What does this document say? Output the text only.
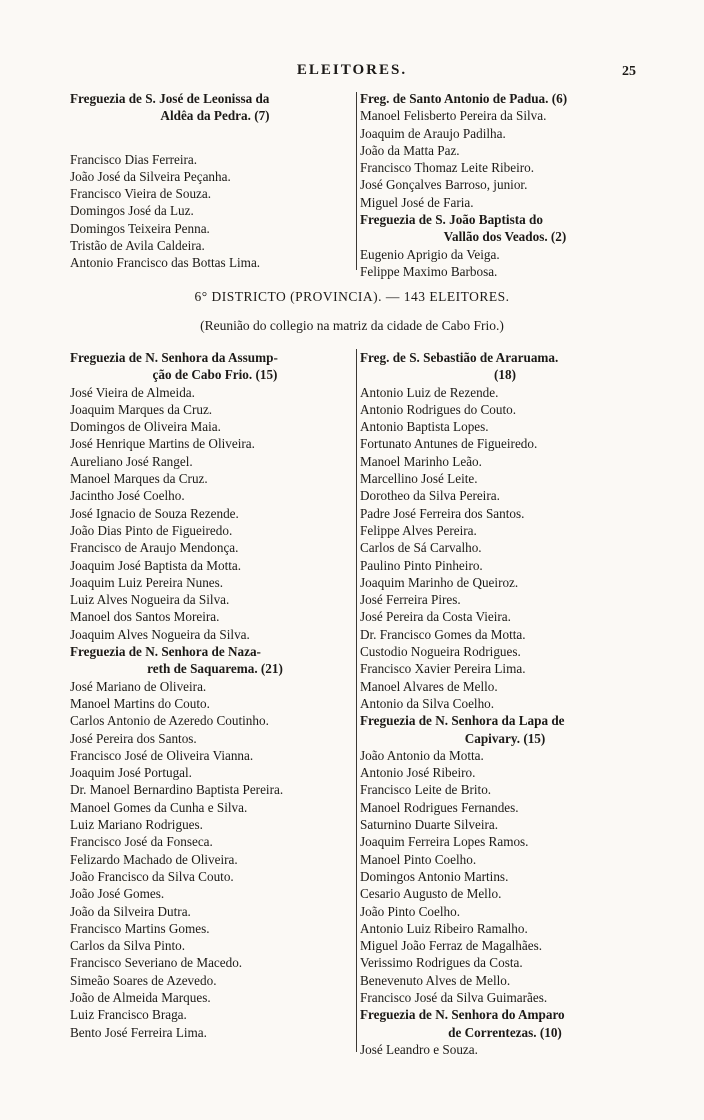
ELEITORES.	25
Freguezia de S. José de Leonissa da
Aldêa da Pedra. (7)
Francisco Dias Ferreira.
João José da Silveira Peçanha.
Francisco Vieira de Souza.
Domingos José da Luz.
Domingos Teixeira Penna.
Tristão de Avila Caldeira.
Antonio Francisco das Bottas Lima.
Freg. de Santo Antonio de Padua. (6)
Manoel Felisberto Pereira da Silva.
Joaquim de Araujo Padilha.
João da Matta Paz.
Francisco Thomaz Leite Ribeiro.
José Gonçalves Barroso, junior.
Miguel José de Faria.
Freguezia de S. João Baptista do
Vallão dos Veados. (2)
Eugenio Aprigio da Veiga.
Felippe Maximo Barbosa.
6° DISTRICTO (PROVINCIA). — 143 ELEITORES.
(Reunião do collegio na matriz da cidade de Cabo Frio.)
Freguezia de N. Senhora da Assump-
ção de Cabo Frio. (15)
José Vieira de Almeida.
Joaquim Marques da Cruz.
Domingos de Oliveira Maia.
José Henrique Martins de Oliveira.
Aureliano José Rangel.
Manoel Marques da Cruz.
Jacintho José Coelho.
José Ignacio de Souza Rezende.
João Dias Pinto de Figueiredo.
Francisco de Araujo Mendonça.
Joaquim José Baptista da Motta.
Joaquim Luiz Pereira Nunes.
Luiz Alves Nogueira da Silva.
Manoel dos Santos Moreira.
Joaquim Alves Nogueira da Silva.
Freguezia de N. Senhora de Naza-
reth de Saquarema. (21)
José Mariano de Oliveira.
Manoel Martins do Couto.
Carlos Antonio de Azeredo Coutinho.
José Pereira dos Santos.
Francisco José de Oliveira Vianna.
Joaquim José Portugal.
Dr. Manoel Bernardino Baptista Pereira.
Manoel Gomes da Cunha e Silva.
Luiz Mariano Rodrigues.
Francisco José da Fonseca.
Felizardo Machado de Oliveira.
João Francisco da Silva Couto.
João José Gomes.
João da Silveira Dutra.
Francisco Martins Gomes.
Carlos da Silva Pinto.
Francisco Severiano de Macedo.
Simeão Soares de Azevedo.
João de Almeida Marques.
Luiz Francisco Braga.
Bento José Ferreira Lima.
Freg. de S. Sebastião de Araruama.
(18)
Antonio Luiz de Rezende.
Antonio Rodrigues do Couto.
Antonio Baptista Lopes.
Fortunato Antunes de Figueiredo.
Manoel Marinho Leão.
Marcellino José Leite.
Dorotheo da Silva Pereira.
Padre José Ferreira dos Santos.
Felippe Alves Pereira.
Carlos de Sá Carvalho.
Paulino Pinto Pinheiro.
Joaquim Marinho de Queiroz.
José Ferreira Pires.
José Pereira da Costa Vieira.
Dr. Francisco Gomes da Motta.
Custodio Nogueira Rodrigues.
Francisco Xavier Pereira Lima.
Manoel Alvares de Mello.
Antonio da Silva Coelho.
Freguezia de N. Senhora da Lapa de
Capivary. (15)
João Antonio da Motta.
Antonio José Ribeiro.
Francisco Leite de Brito.
Manoel Rodrigues Fernandes.
Saturnino Duarte Silveira.
Joaquim Ferreira Lopes Ramos.
Manoel Pinto Coelho.
Domingos Antonio Martins.
Cesario Augusto de Mello.
João Pinto Coelho.
Antonio Luiz Ribeiro Ramalho.
Miguel João Ferraz de Magalhães.
Verissimo Rodrigues da Costa.
Benevenuto Alves de Mello.
Francisco José da Silva Guimarães.
Freguezia de N. Senhora do Amparo
de Correntezas. (10)
José Leandro e Souza.
